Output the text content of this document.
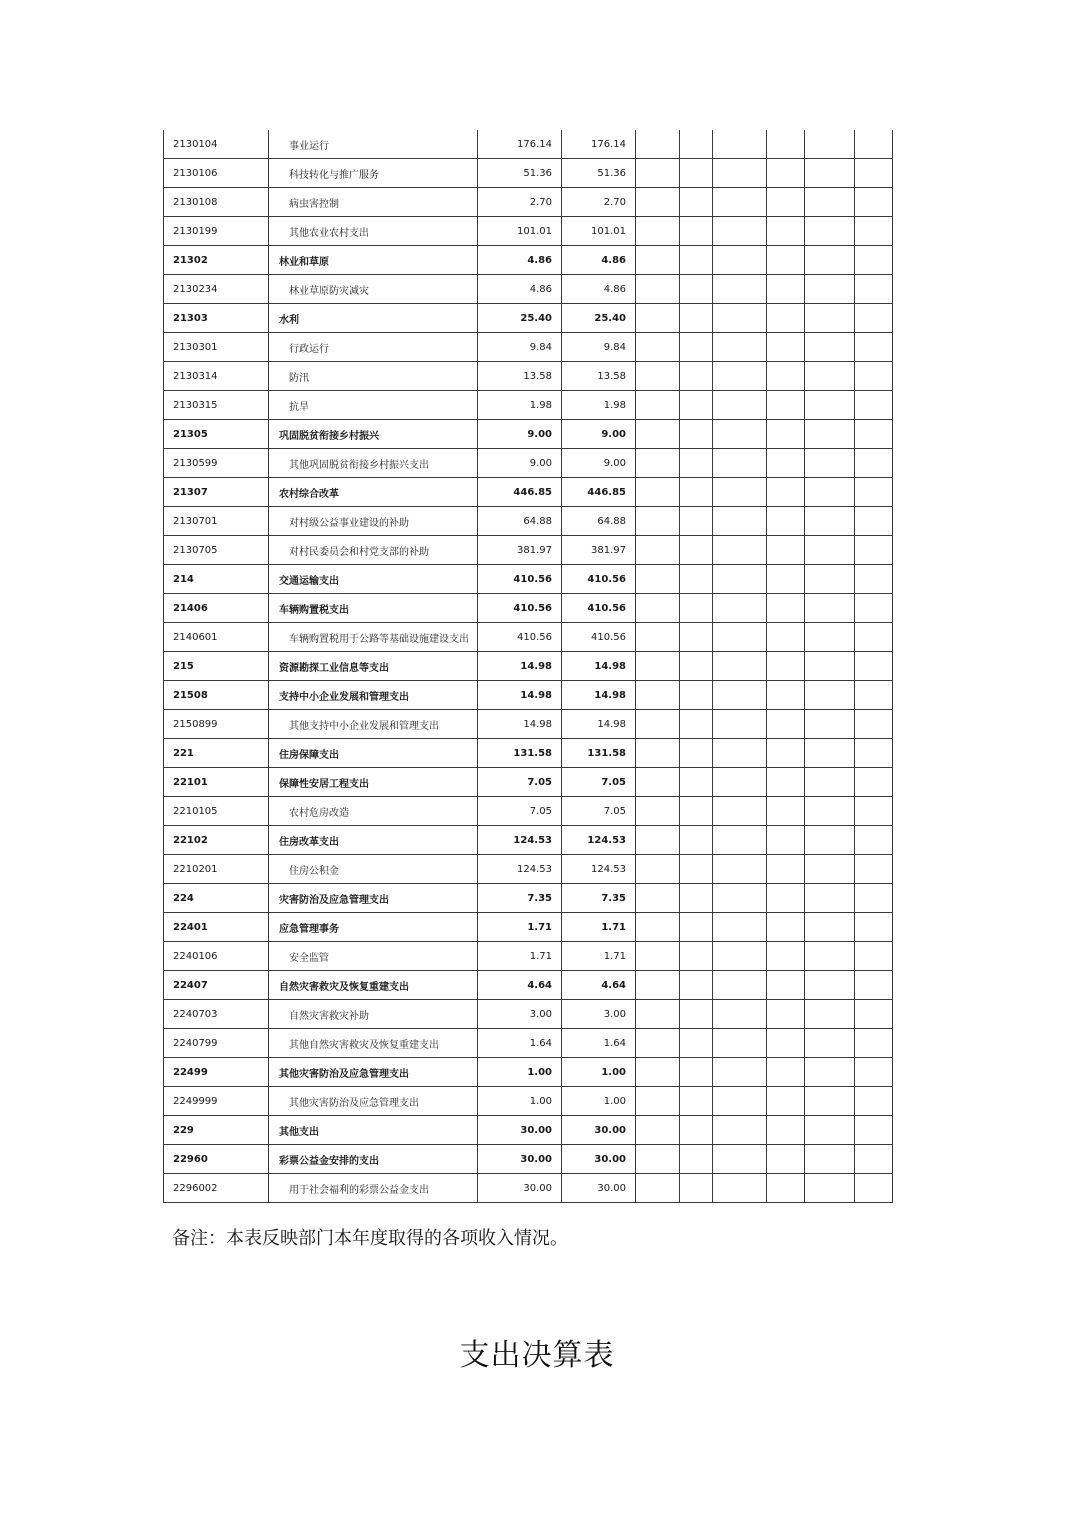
2130104	事业运行	176.14	176.14						
2130106	科技转化与推广服务	51.36	51.36						
2130108	病虫害控制	2.70	2.70						
2130199	其他农业农村支出	101.01	101.01						
21302	林业和草原	4.86	4.86						
2130234	林业草原防灾减灾	4.86	4.86						
21303	水利	25.40	25.40						
2130301	行政运行	9.84	9.84						
2130314	防汛	13.58	13.58						
2130315	抗旱	1.98	1.98						
21305	巩固脱贫衔接乡村振兴	9.00	9.00						
2130599	其他巩固脱贫衔接乡村振兴支出	9.00	9.00						
21307	农村综合改革	446.85	446.85						
2130701	对村级公益事业建设的补助	64.88	64.88						
2130705	对村民委员会和村党支部的补助	381.97	381.97						
214	交通运输支出	410.56	410.56						
21406	车辆购置税支出	410.56	410.56						
2140601	车辆购置税用于公路等基础设施建设支出	410.56	410.56						
215	资源勘探工业信息等支出	14.98	14.98						
21508	支持中小企业发展和管理支出	14.98	14.98						
2150899	其他支持中小企业发展和管理支出	14.98	14.98						
221	住房保障支出	131.58	131.58						
22101	保障性安居工程支出	7.05	7.05						
2210105	农村危房改造	7.05	7.05						
22102	住房改革支出	124.53	124.53						
2210201	住房公积金	124.53	124.53						
224	灾害防治及应急管理支出	7.35	7.35						
22401	应急管理事务	1.71	1.71						
2240106	安全监管	1.71	1.71						
22407	自然灾害救灾及恢复重建支出	4.64	4.64						
2240703	自然灾害救灾补助	3.00	3.00						
2240799	其他自然灾害救灾及恢复重建支出	1.64	1.64						
22499	其他灾害防治及应急管理支出	1.00	1.00						
2249999	其他灾害防治及应急管理支出	1.00	1.00						
229	其他支出	30.00	30.00						
22960	彩票公益金安排的支出	30.00	30.00						
2296002	用于社会福利的彩票公益金支出	30.00	30.00						
备注：本表反映部门本年度取得的各项收入情况。
支出决算表
